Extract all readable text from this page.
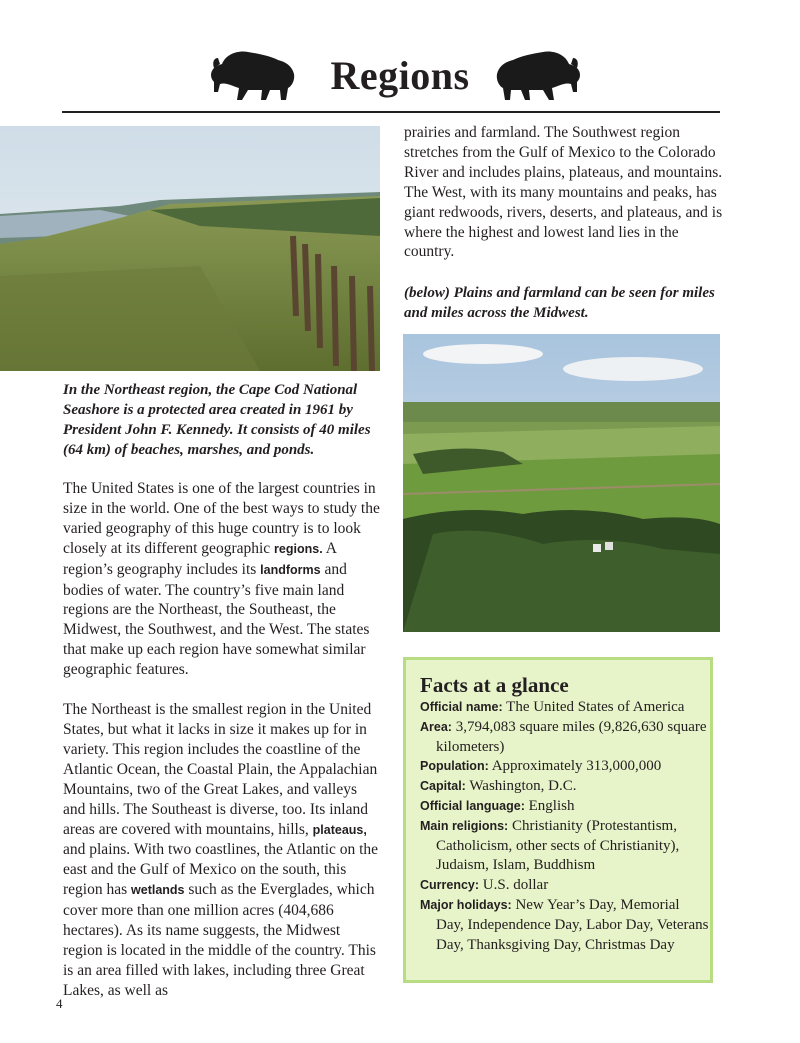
Regions
prairies and farmland. The Southwest region stretches from the Gulf of Mexico to the Colorado River and includes plains, plateaus, and mountains. The West, with its many mountains and peaks, has giant redwoods, rivers, deserts, and plateaus, and is where the highest and lowest land lies in the country.
(below) Plains and farmland can be seen for miles and miles across the Midwest.
In the Northeast region, the Cape Cod National Seashore is a protected area created in 1961 by President John F. Kennedy. It consists of 40 miles (64 km) of beaches, marshes, and ponds.

The United States is one of the largest countries in size in the world. One of the best ways to study the varied geography of this huge country is to look closely at its different geographic regions. A region’s geography includes its landforms and bodies of water. The country’s five main land regions are the Northeast, the Southeast, the Midwest, the Southwest, and the West. The states that make up each region have somewhat similar geographic features.

The Northeast is the smallest region in the United States, but what it lacks in size it makes up for in variety. This region includes the coastline of the Atlantic Ocean, the Coastal Plain, the Appalachian Mountains, two of the Great Lakes, and valleys and hills. The Southeast is diverse, too. Its inland areas are covered with mountains, hills, plateaus, and plains. With two coastlines, the Atlantic on the east and the Gulf of Mexico on the south, this region has wetlands such as the Everglades, which cover more than one million acres (404,686 hectares). As its name suggests, the Midwest region is located in the middle of the country. This is an area filled with lakes, including three Great Lakes, as well as

Facts at a glance
Official name: The United States of America
Area: 3,794,083 square miles (9,826,630 square kilometers)
Population: Approximately 313,000,000
Capital: Washington, D.C.
Official language: English
Main religions: Christianity (Protestantism, Catholicism, other sects of Christianity), Judaism, Islam, Buddhism
Currency: U.S. dollar
Major holidays: New Year’s Day, Memorial Day, Independence Day, Labor Day, Veterans Day, Thanksgiving Day, Christmas Day
4
